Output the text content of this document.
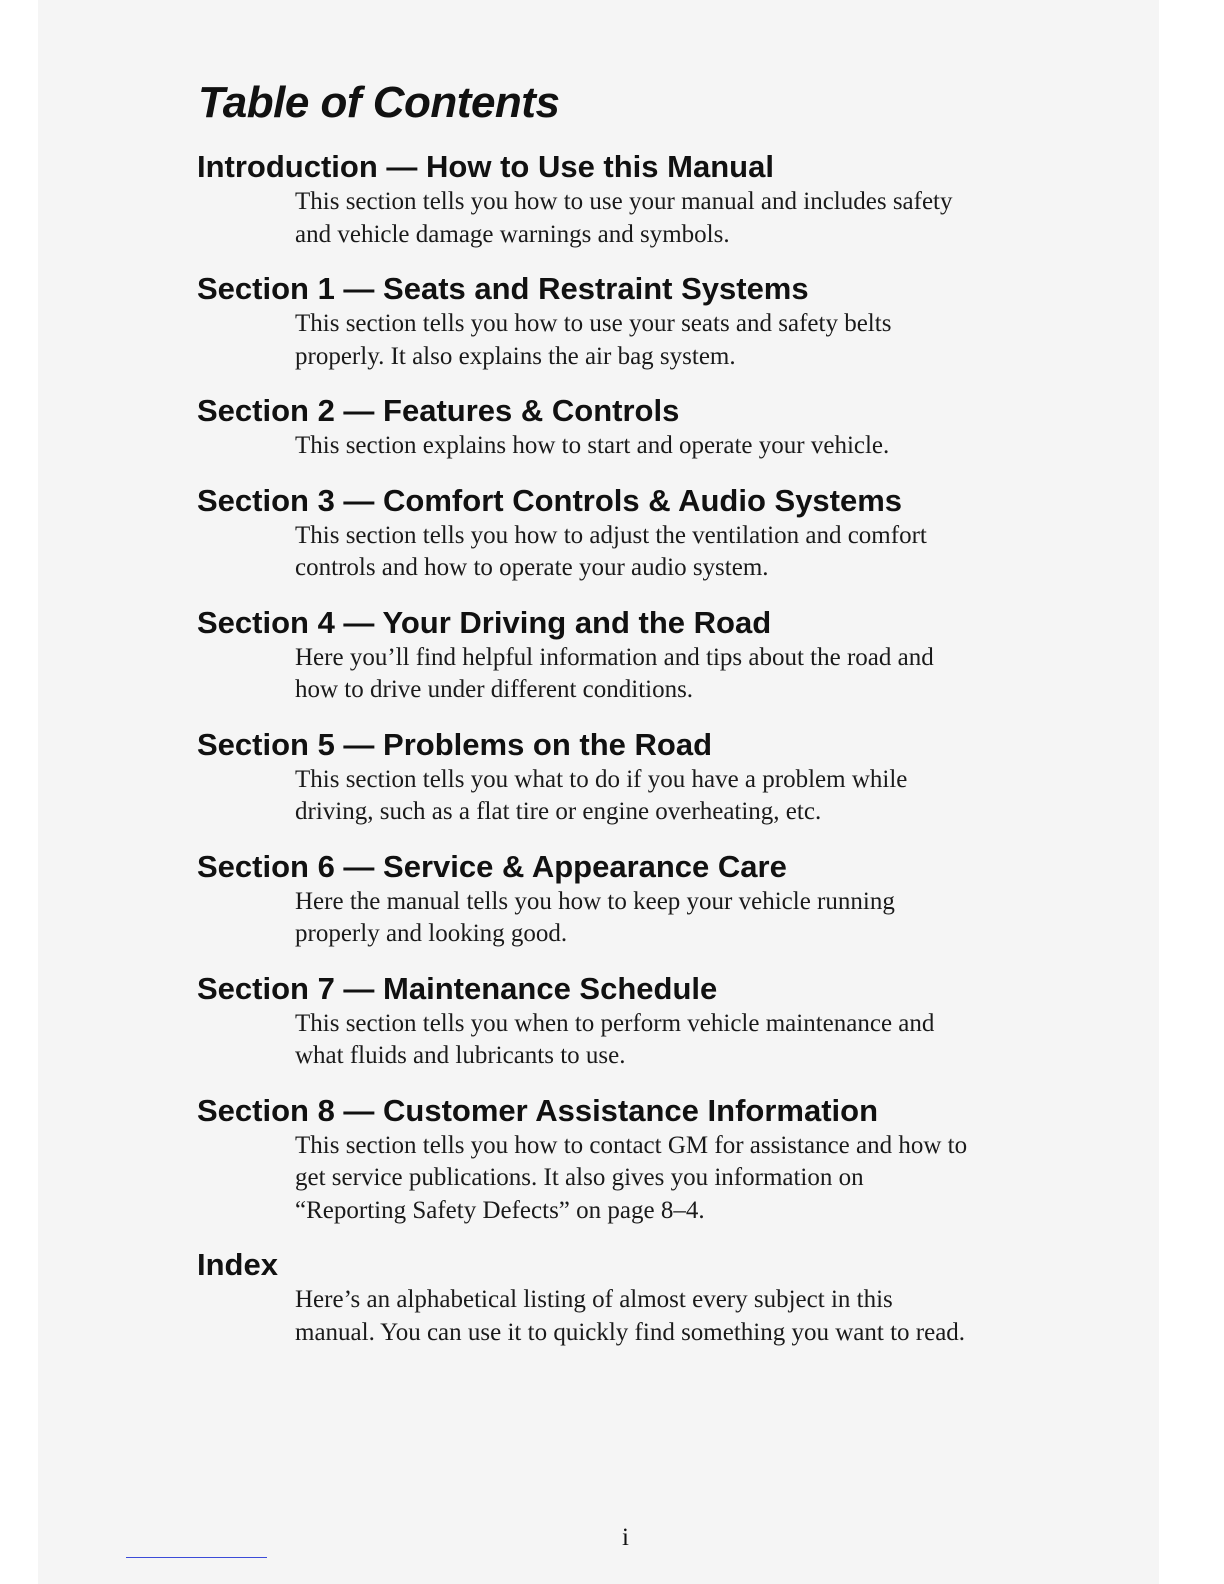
Table of Contents
Introduction — How to Use this Manual

This section tells you how to use your manual and includes safety
and vehicle damage warnings and symbols.

Section 1 — Seats and Restraint Systems

This section tells you how to use your seats and safety belts
properly. It also explains the air bag system.

Section 2 — Features & Controls

This section explains how to start and operate your vehicle.

Section 3 — Comfort Controls & Audio Systems

This section tells you how to adjust the ventilation and comfort
controls and how to operate your audio system.

Section 4 — Your Driving and the Road

Here you’ll find helpful information and tips about the road and
how to drive under different conditions.

Section 5 — Problems on the Road

This section tells you what to do if you have a problem while
driving, such as a flat tire or engine overheating, etc.

Section 6 — Service & Appearance Care

Here the manual tells you how to keep your vehicle running
properly and looking good.

Section 7 — Maintenance Schedule

This section tells you when to perform vehicle maintenance and
what fluids and lubricants to use.

Section 8 — Customer Assistance Information

This section tells you how to contact GM for assistance and how to
get service publications. It also gives you information on
“Reporting Safety Defects” on page 8–4.

Index

Here’s an alphabetical listing of almost every subject in this
manual. You can use it to quickly find something you want to read.

i
